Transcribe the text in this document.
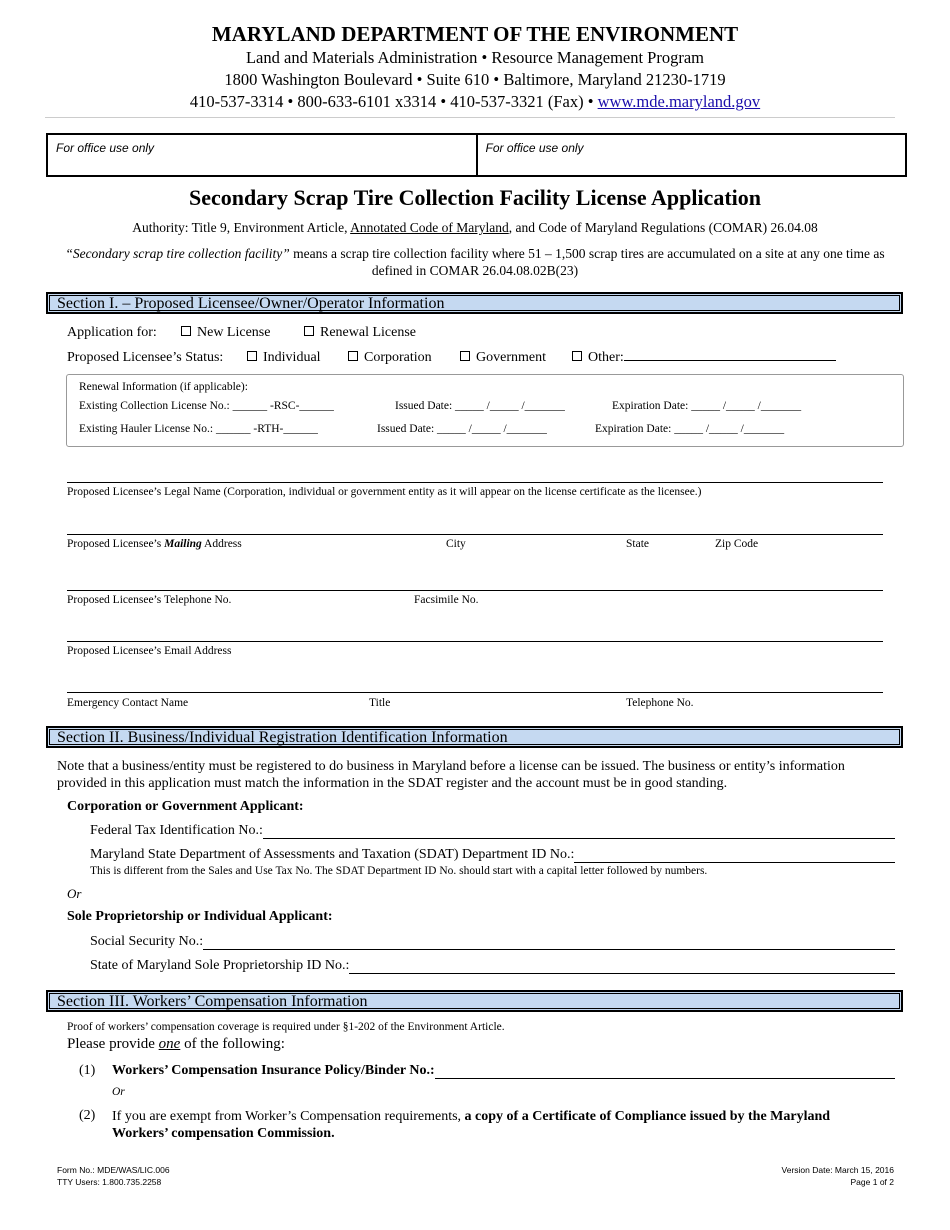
MARYLAND DEPARTMENT OF THE ENVIRONMENT
Land and Materials Administration • Resource Management Program
1800 Washington Boulevard • Suite 610 • Baltimore, Maryland 21230-1719
410-537-3314 • 800-633-6101 x3314 • 410-537-3321 (Fax) • www.mde.maryland.gov
For office use only	For office use only
Secondary Scrap Tire Collection Facility License Application
Authority: Title 9, Environment Article, Annotated Code of Maryland, and Code of Maryland Regulations (COMAR) 26.04.08
“Secondary scrap tire collection facility” means a scrap tire collection facility where 51 – 1,500 scrap tires are accumulated on a site at any one time as defined in COMAR 26.04.08.02B(23)
Section I. – Proposed Licensee/Owner/Operator Information
Application for:	New License	Renewal License
Proposed Licensee’s Status:	Individual	Corporation	Government	Other:
Renewal Information (if applicable):
Existing Collection License No.: ______ -RSC-______	Issued Date: _____ /_____ /_______	Expiration Date: _____ /_____ /_______
Existing Hauler License No.: ______ -RTH-______	Issued Date: _____ /_____ /_______	Expiration Date: _____ /_____ /_______
Proposed Licensee’s Legal Name (Corporation, individual or government entity as it will appear on the license certificate as the licensee.)
Proposed Licensee’s Mailing Address	City	State	Zip Code
Proposed Licensee’s Telephone No.	Facsimile No.
Proposed Licensee’s Email Address
Emergency Contact Name	Title	Telephone No.
Section II. Business/Individual Registration Identification Information
Note that a business/entity must be registered to do business in Maryland before a license can be issued. The business or entity’s information provided in this application must match the information in the SDAT register and the account must be in good standing.
Corporation or Government Applicant:
Federal Tax Identification No.:
Maryland State Department of Assessments and Taxation (SDAT) Department ID No.:
This is different from the Sales and Use Tax No. The SDAT Department ID No. should start with a capital letter followed by numbers.
Or
Sole Proprietorship or Individual Applicant:
Social Security No.:
State of Maryland Sole Proprietorship ID No.:
Section III. Workers’ Compensation Information
Proof of workers’ compensation coverage is required under §1-202 of the Environment Article.
Please provide one of the following:
(1) Workers’ Compensation Insurance Policy/Binder No.:
Or
(2) If you are exempt from Worker’s Compensation requirements, a copy of a Certificate of Compliance issued by the Maryland Workers’ compensation Commission.
Form No.: MDE/WAS/LIC.006
TTY Users: 1.800.735.2258
Version Date: March 15, 2016
Page 1 of 2
